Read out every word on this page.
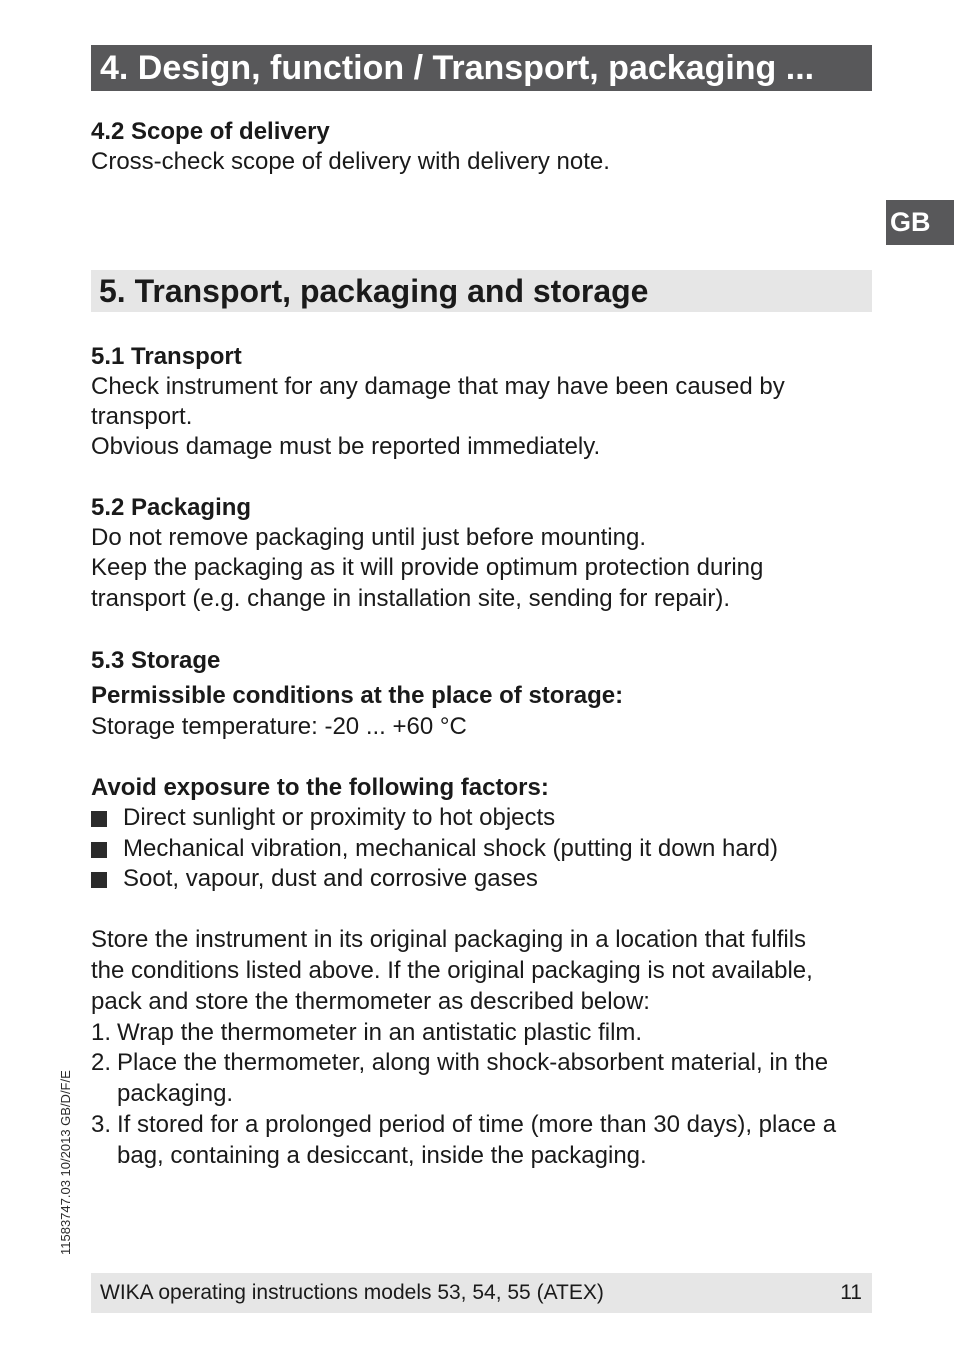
4. Design, function / Transport, packaging ...
4.2 Scope of delivery
Cross-check scope of delivery with delivery note.
GB
5. Transport, packaging and storage
5.1 Transport
Check instrument for any damage that may have been caused by
transport.
Obvious damage must be reported immediately.
5.2 Packaging
Do not remove packaging until just before mounting.
Keep the packaging as it will provide optimum protection during
transport (e.g. change in installation site, sending for repair).
5.3 Storage
Permissible conditions at the place of storage:
Storage temperature: -20 ... +60 °C
Avoid exposure to the following factors:
Direct sunlight or proximity to hot objects
Mechanical vibration, mechanical shock (putting it down hard)
Soot, vapour, dust and corrosive gases
Store the instrument in its original packaging in a location that fulfils
the conditions listed above. If the original packaging is not available,
pack and store the thermometer as described below:
1. Wrap the thermometer in an antistatic plastic film.
2. Place the thermometer, along with shock-absorbent material, in the
packaging.
3. If stored for a prolonged period of time (more than 30 days), place a
bag, containing a desiccant, inside the packaging.
11583747.03 10/2013 GB/D/F/E
WIKA operating instructions models 53, 54, 55 (ATEX)	11
